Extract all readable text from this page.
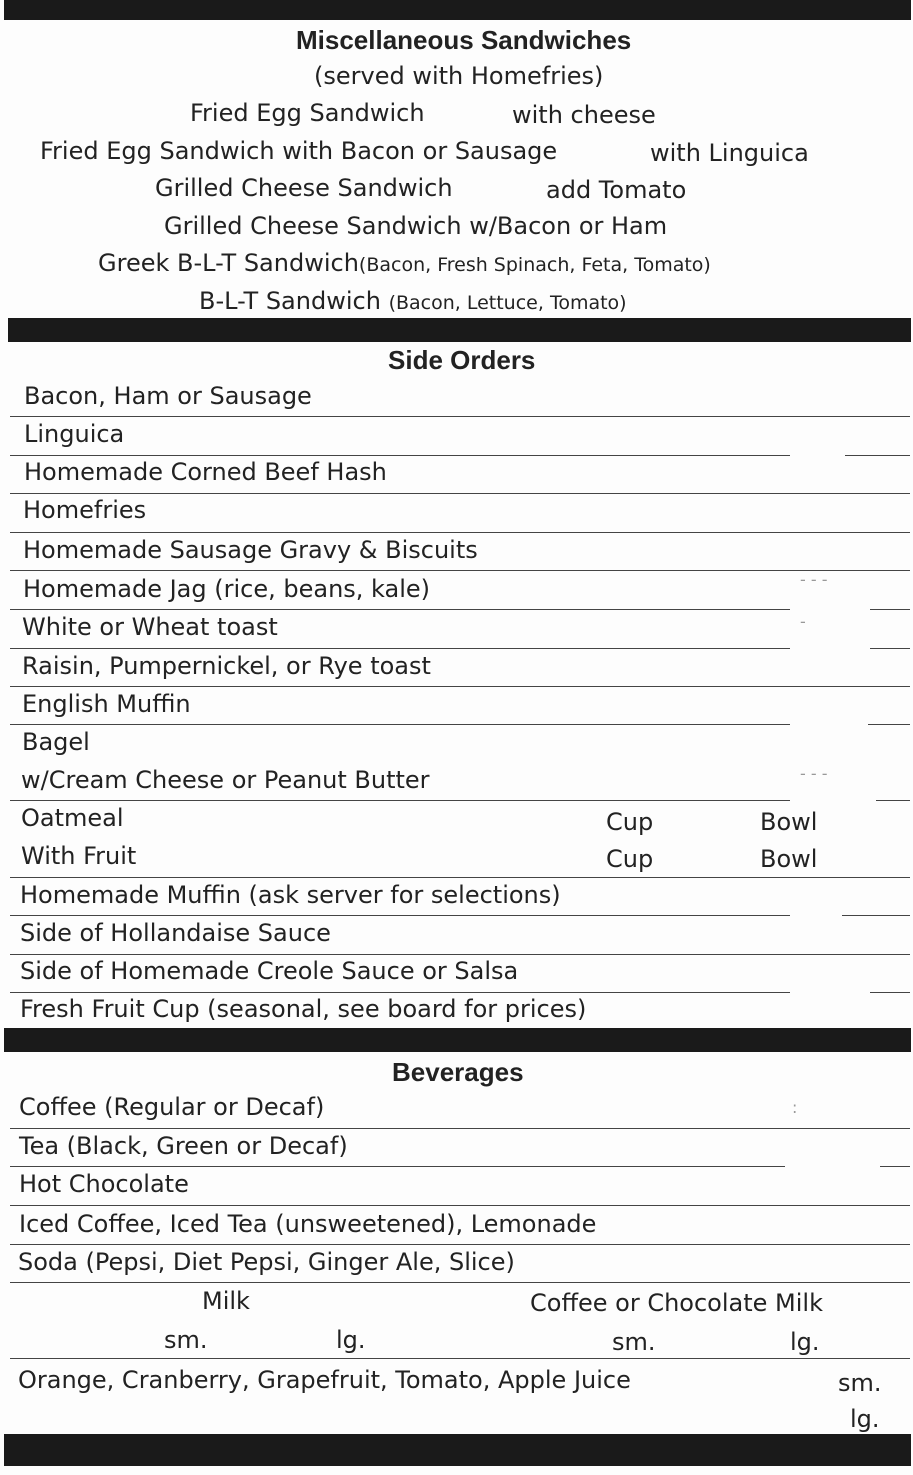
Miscellaneous Sandwiches
(served with Homefries)
Fried Egg Sandwich	with cheese
Fried Egg Sandwich with Bacon or Sausage	with Linguica
Grilled Cheese Sandwich	add Tomato
Grilled Cheese Sandwich w/Bacon or Ham
Greek B-L-T Sandwich(Bacon, Fresh Spinach, Feta, Tomato)
B-L-T Sandwich (Bacon, Lettuce, Tomato)
Side Orders
Bacon, Ham or Sausage
Linguica
Homemade Corned Beef Hash
Homefries
Homemade Sausage Gravy & Biscuits
Homemade Jag (rice, beans, kale)	- - -
White or Wheat toast	-
Raisin, Pumpernickel, or Rye toast
English Muffin
Bagel
w/Cream Cheese or Peanut Butter	- - -
Oatmeal	Cup	Bowl
With Fruit	Cup	Bowl
Homemade Muffin (ask server for selections)
Side of Hollandaise Sauce
Side of Homemade Creole Sauce or Salsa
Fresh Fruit Cup (seasonal, see board for prices)
Beverages
Coffee (Regular or Decaf)	:
Tea (Black, Green or Decaf)
Hot Chocolate
Iced Coffee, Iced Tea (unsweetened), Lemonade
Soda (Pepsi, Diet Pepsi, Ginger Ale, Slice)
Milk	Coffee or Chocolate Milk
sm.	lg.	sm.	lg.
Orange, Cranberry, Grapefruit, Tomato, Apple Juice	sm.
lg.
